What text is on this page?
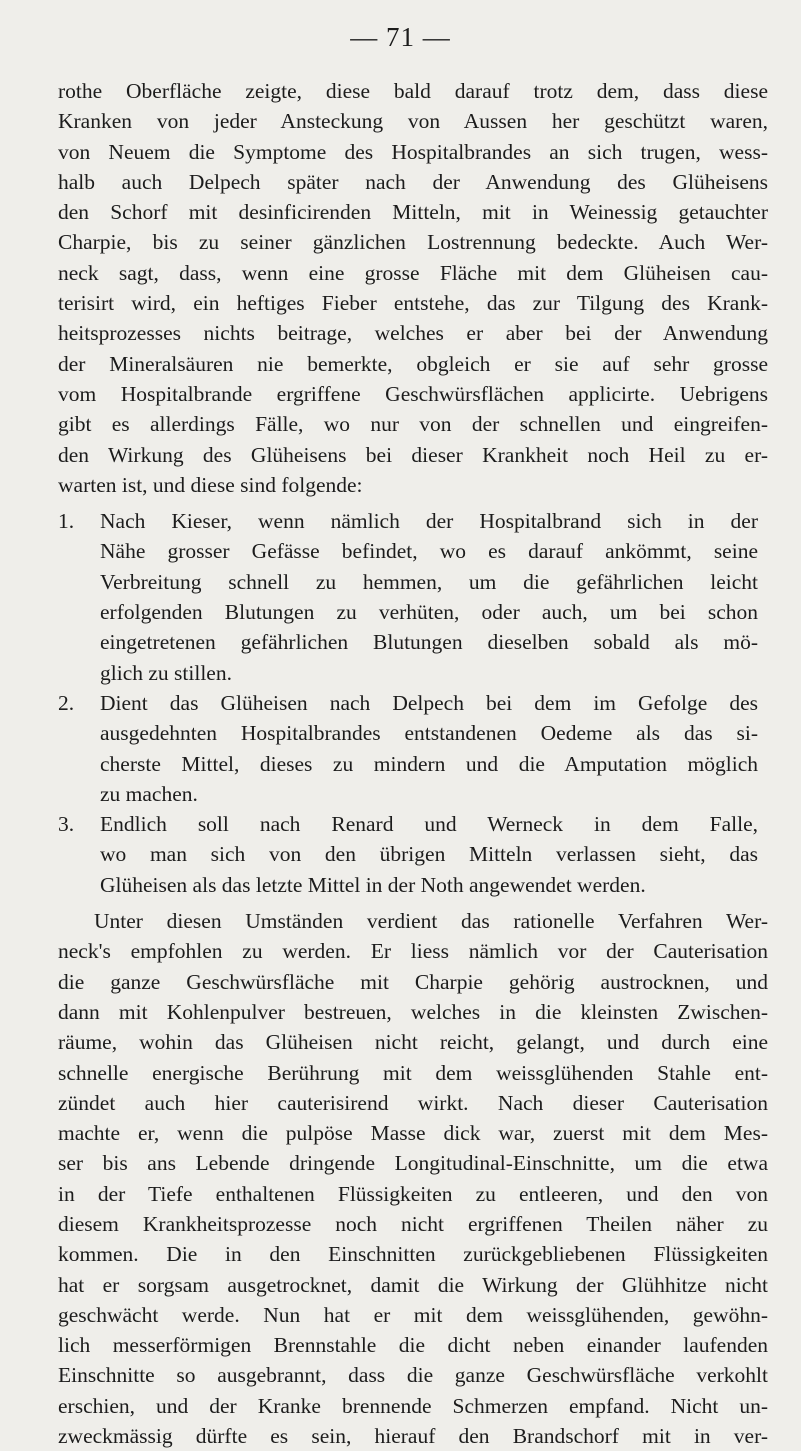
— 71 —

rothe Oberfläche zeigte, diese bald darauf trotz dem, dass diese

Kranken von jeder Ansteckung von Aussen her geschützt waren,

von Neuem die Symptome des Hospitalbrandes an sich trugen, wess-

halb auch Delpech später nach der Anwendung des Glüheisens

den Schorf mit desinficirenden Mitteln, mit in Weinessig getauchter

Charpie, bis zu seiner gänzlichen Lostrennung bedeckte. Auch Wer-

neck sagt, dass, wenn eine grosse Fläche mit dem Glüheisen cau-

terisirt wird, ein heftiges Fieber entstehe, das zur Tilgung des Krank-

heitsprozesses nichts beitrage, welches er aber bei der Anwendung

der Mineralsäuren nie bemerkte, obgleich er sie auf sehr grosse

vom Hospitalbrande ergriffene Geschwürsflächen applicirte. Uebrigens

gibt es allerdings Fälle, wo nur von der schnellen und eingreifen-

den Wirkung des Glüheisens bei dieser Krankheit noch Heil zu er-

warten ist, und diese sind folgende:

1. Nach Kieser, wenn nämlich der Hospitalbrand sich in der

Nähe grosser Gefässe befindet, wo es darauf ankömmt, seine

Verbreitung schnell zu hemmen, um die gefährlichen leicht

erfolgenden Blutungen zu verhüten, oder auch, um bei schon

eingetretenen gefährlichen Blutungen dieselben sobald als mö-

glich zu stillen.

2. Dient das Glüheisen nach Delpech bei dem im Gefolge des

ausgedehnten Hospitalbrandes entstandenen Oedeme als das si-

cherste Mittel, dieses zu mindern und die Amputation möglich

zu machen.

3. Endlich soll nach Renard und Werneck in dem Falle,

wo man sich von den übrigen Mitteln verlassen sieht, das

Glüheisen als das letzte Mittel in der Noth angewendet werden.

Unter diesen Umständen verdient das rationelle Verfahren Wer-

neck's empfohlen zu werden. Er liess nämlich vor der Cauterisation

die ganze Geschwürsfläche mit Charpie gehörig austrocknen, und

dann mit Kohlenpulver bestreuen, welches in die kleinsten Zwischen-

räume, wohin das Glüheisen nicht reicht, gelangt, und durch eine

schnelle energische Berührung mit dem weissglühenden Stahle ent-

zündet auch hier cauterisirend wirkt. Nach dieser Cauterisation

machte er, wenn die pulpöse Masse dick war, zuerst mit dem Mes-

ser bis ans Lebende dringende Longitudinal-Einschnitte, um die etwa

in der Tiefe enthaltenen Flüssigkeiten zu entleeren, und den von

diesem Krankheitsprozesse noch nicht ergriffenen Theilen näher zu

kommen. Die in den Einschnitten zurückgebliebenen Flüssigkeiten

hat er sorgsam ausgetrocknet, damit die Wirkung der Glühhitze nicht

geschwächt werde. Nun hat er mit dem weissglühenden, gewöhn-

lich messerförmigen Brennstahle die dicht neben einander laufenden

Einschnitte so ausgebrannt, dass die ganze Geschwürsfläche verkohlt

erschien, und der Kranke brennende Schmerzen empfand. Nicht un-

zweckmässig dürfte es sein, hierauf den Brandschorf mit in ver-
